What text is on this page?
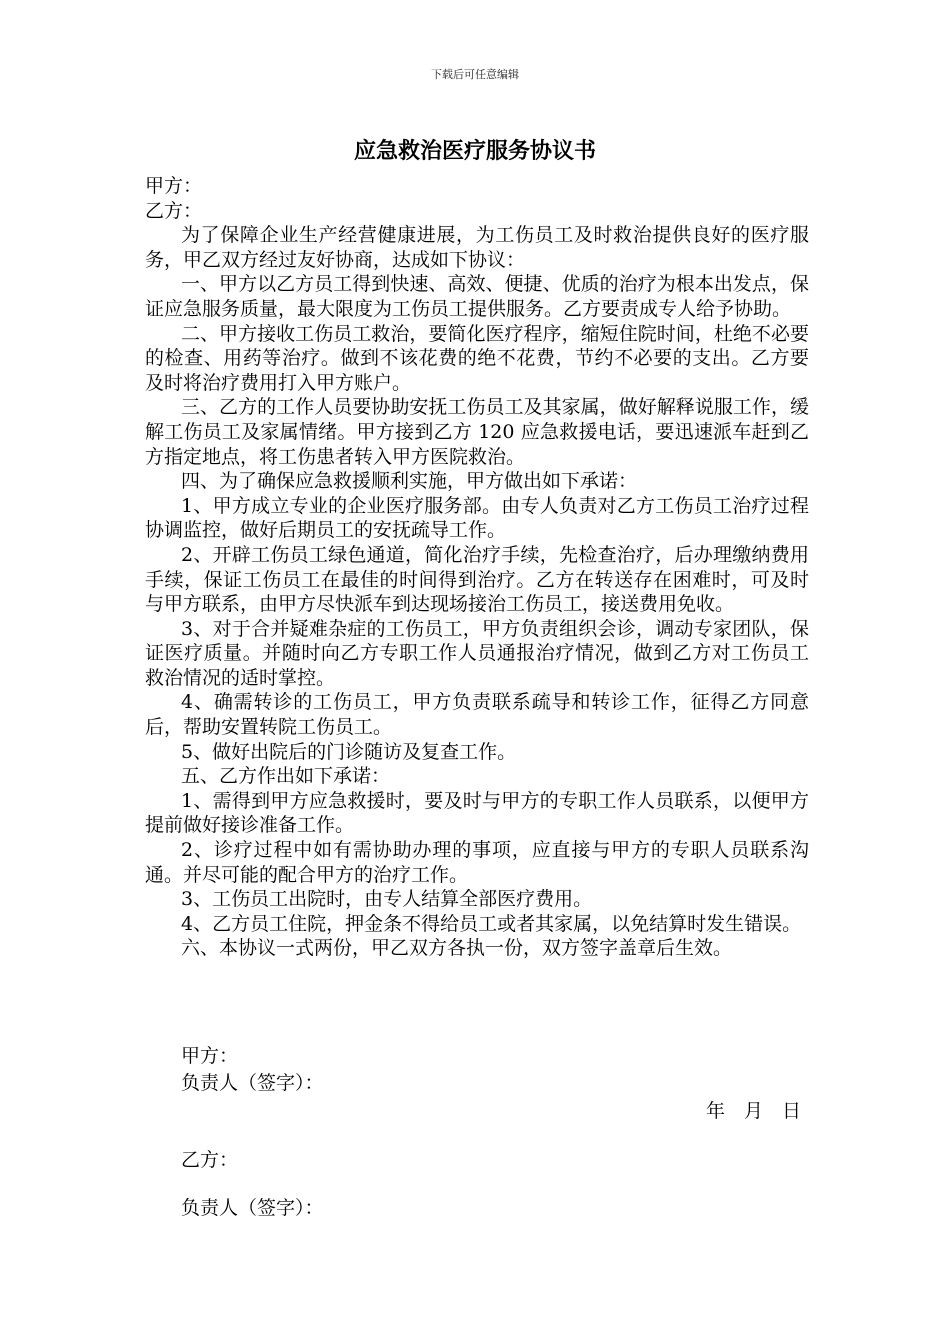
下载后可任意编辑
应急救治医疗服务协议书

甲方：

乙方：

为了保障企业生产经营健康进展，为工伤员工及时救治提供良好的医疗服务，甲乙双方经过友好协商，达成如下协议：

一、甲方以乙方员工得到快速、高效、便捷、优质的治疗为根本出发点，保证应急服务质量，最大限度为工伤员工提供服务。乙方要责成专人给予协助。

二、甲方接收工伤员工救治，要简化医疗程序，缩短住院时间，杜绝不必要的检查、用药等治疗。做到不该花费的绝不花费，节约不必要的支出。乙方要及时将治疗费用打入甲方账户。

三、乙方的工作人员要协助安抚工伤员工及其家属，做好解释说服工作，缓解工伤员工及家属情绪。甲方接到乙方 120 应急救援电话，要迅速派车赶到乙方指定地点，将工伤患者转入甲方医院救治。

四、为了确保应急救援顺利实施，甲方做出如下承诺：

1、甲方成立专业的企业医疗服务部。由专人负责对乙方工伤员工治疗过程协调监控，做好后期员工的安抚疏导工作。

2、开辟工伤员工绿色通道，简化治疗手续，先检查治疗，后办理缴纳费用手续，保证工伤员工在最佳的时间得到治疗。乙方在转送存在困难时，可及时与甲方联系，由甲方尽快派车到达现场接治工伤员工，接送费用免收。

3、对于合并疑难杂症的工伤员工，甲方负责组织会诊，调动专家团队，保证医疗质量。并随时向乙方专职工作人员通报治疗情况，做到乙方对工伤员工救治情况的适时掌控。

4、确需转诊的工伤员工，甲方负责联系疏导和转诊工作，征得乙方同意后，帮助安置转院工伤员工。

5、做好出院后的门诊随访及复查工作。

五、乙方作出如下承诺：

1、需得到甲方应急救援时，要及时与甲方的专职工作人员联系，以便甲方提前做好接诊准备工作。

2、诊疗过程中如有需协助办理的事项，应直接与甲方的专职人员联系沟通。并尽可能的配合甲方的治疗工作。

3、工伤员工出院时，由专人结算全部医疗费用。

4、乙方员工住院，押金条不得给员工或者其家属，以免结算时发生错误。

六、本协议一式两份，甲乙双方各执一份，双方签字盖章后生效。

甲方：
负责人（签字）：
年　月　日
乙方：
负责人（签字）：
